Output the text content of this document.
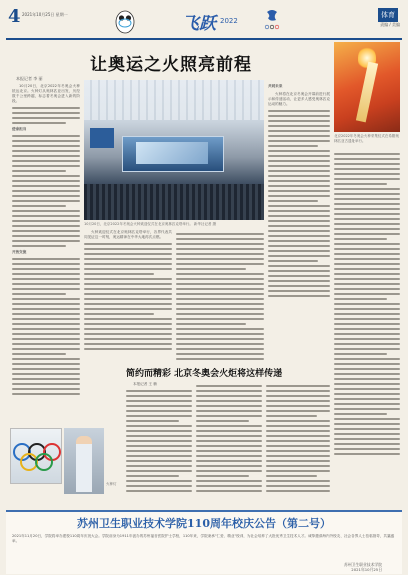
4 2021年10月25日 星期一	飞跃 2022
体育
责编 / 美编
让奥运之火照亮前程
本报记者 李 丽

10月20日，北京2022年冬奥会火种抵达北京。火种灯从奥林匹亚出发，历经数千公里跨越，标志着冬奥会进入新的阶段。

使命担当

开放交流

10月20日，北京2022年冬奥会火种欢迎仪式在北京奥林匹克塔举行。 新华社记者 摄

火种欢迎仪式在北京奥林匹克塔举行，各界代表共同见证这一时刻，奥运精神在中华大地再次点燃。

共同未来

火种将在北京冬奥会开幕前进行展示和传递活动，让更多人感受奥林匹克运动的魅力。

北京2022年冬奥会火种采集仪式在希腊奥林匹亚古遗址举行。
简约而精彩 北京冬奥会火炬将这样传递

本报记者 王 楠

火种灯
苏州卫生职业技术学院110周年校庆公告（第二号）

2021年11月20日，学院将举办建校110周年庆祝大会。学院前身为1911年创办的苏州福音医院护士学校，110年来，学院秉承"仁爱、精业"校训，为社会培养了大批优秀卫生技术人才。诚挚邀请海内外校友、社会各界人士莅临指导，共襄盛举。

苏州卫生职业技术学院
2021年10月25日
